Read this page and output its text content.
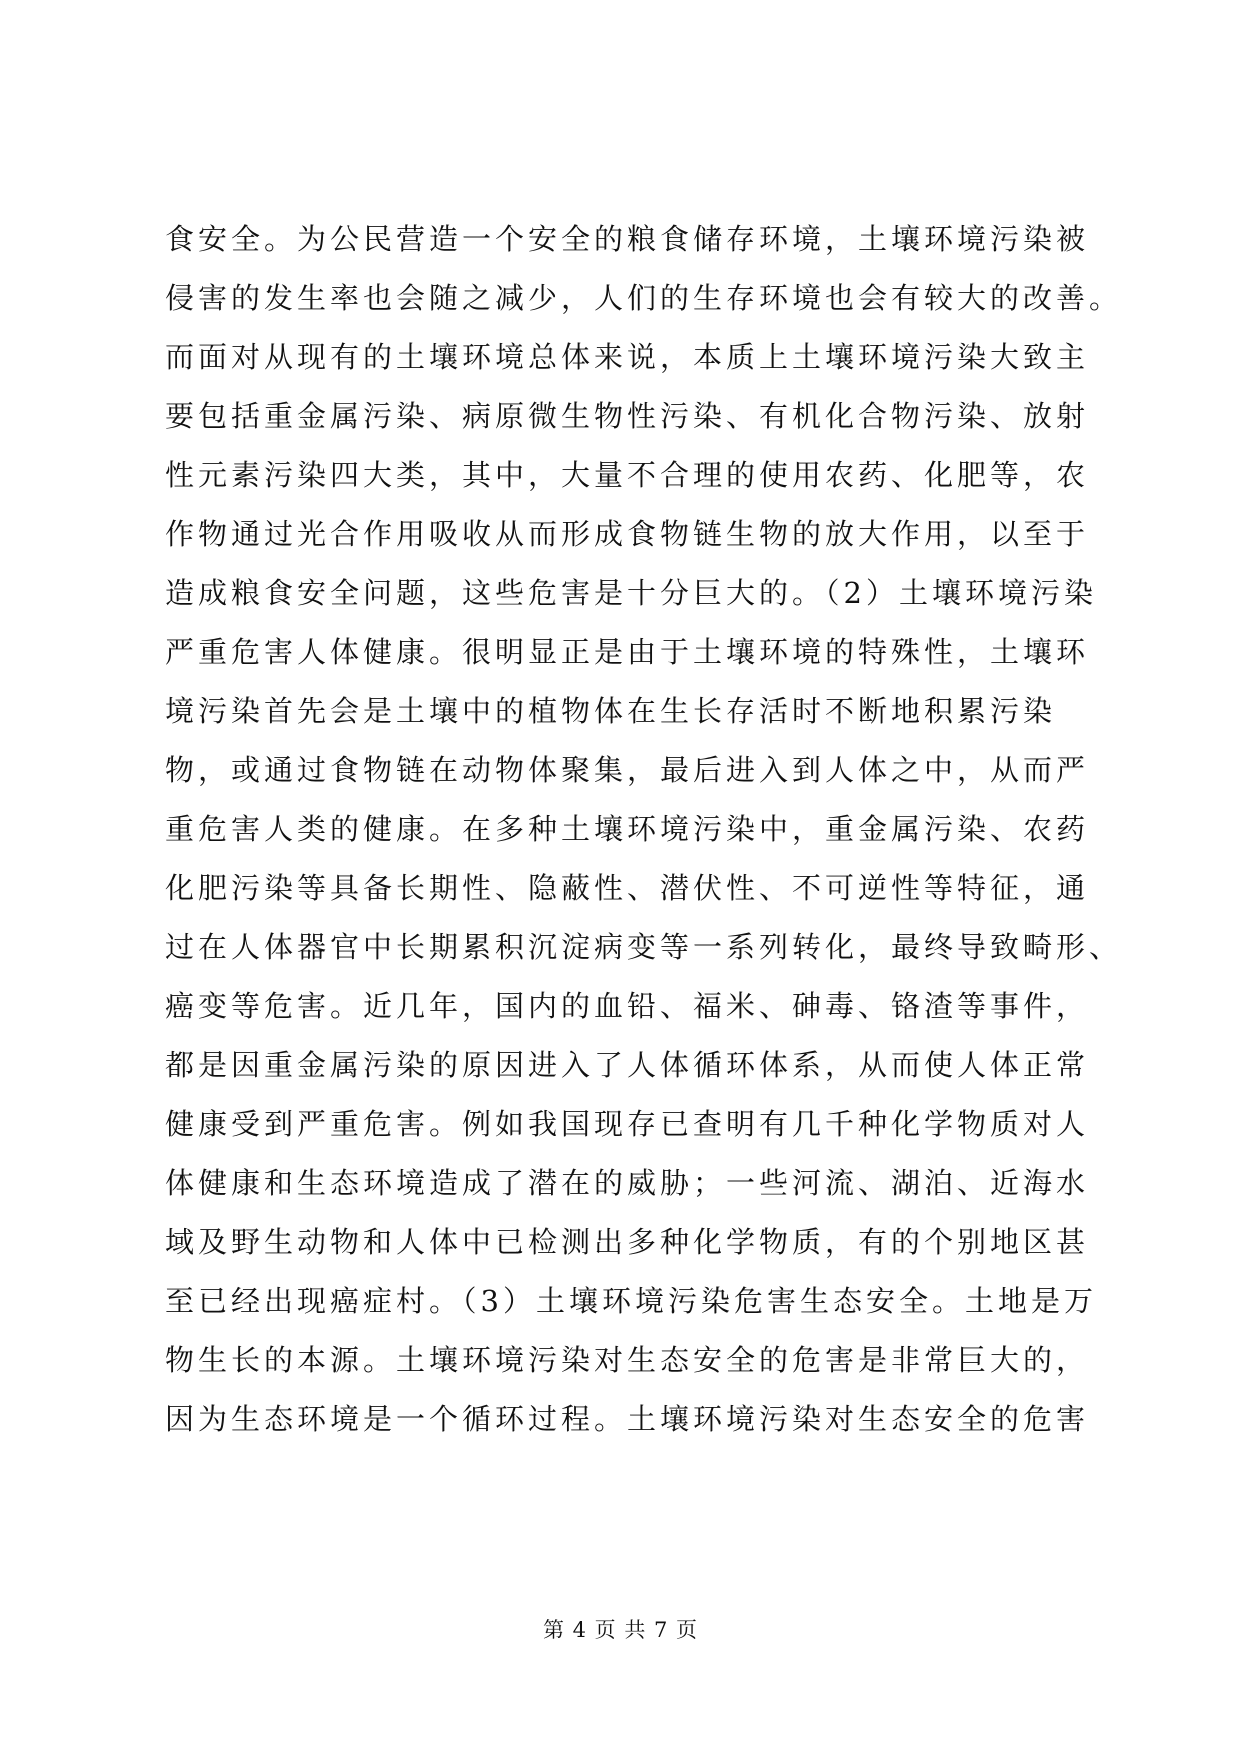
食安全。为公民营造一个安全的粮食储存环境，土壤环境污染被
侵害的发生率也会随之减少，人们的生存环境也会有较大的改善。
而面对从现有的土壤环境总体来说，本质上土壤环境污染大致主
要包括重金属污染、病原微生物性污染、有机化合物污染、放射
性元素污染四大类，其中，大量不合理的使用农药、化肥等，农
作物通过光合作用吸收从而形成食物链生物的放大作用，以至于
造成粮食安全问题，这些危害是十分巨大的。（2）土壤环境污染
严重危害人体健康。很明显正是由于土壤环境的特殊性，土壤环
境污染首先会是土壤中的植物体在生长存活时不断地积累污染
物，或通过食物链在动物体聚集，最后进入到人体之中，从而严
重危害人类的健康。在多种土壤环境污染中，重金属污染、农药
化肥污染等具备长期性、隐蔽性、潜伏性、不可逆性等特征，通
过在人体器官中长期累积沉淀病变等一系列转化，最终导致畸形、
癌变等危害。近几年，国内的血铅、福米、砷毒、铬渣等事件，
都是因重金属污染的原因进入了人体循环体系，从而使人体正常
健康受到严重危害。例如我国现存已查明有几千种化学物质对人
体健康和生态环境造成了潜在的威胁；一些河流、湖泊、近海水
域及野生动物和人体中已检测出多种化学物质，有的个别地区甚
至已经出现癌症村。（3）土壤环境污染危害生态安全。土地是万
物生长的本源。土壤环境污染对生态安全的危害是非常巨大的，
因为生态环境是一个循环过程。土壤环境污染对生态安全的危害
第 4 页 共 7 页
